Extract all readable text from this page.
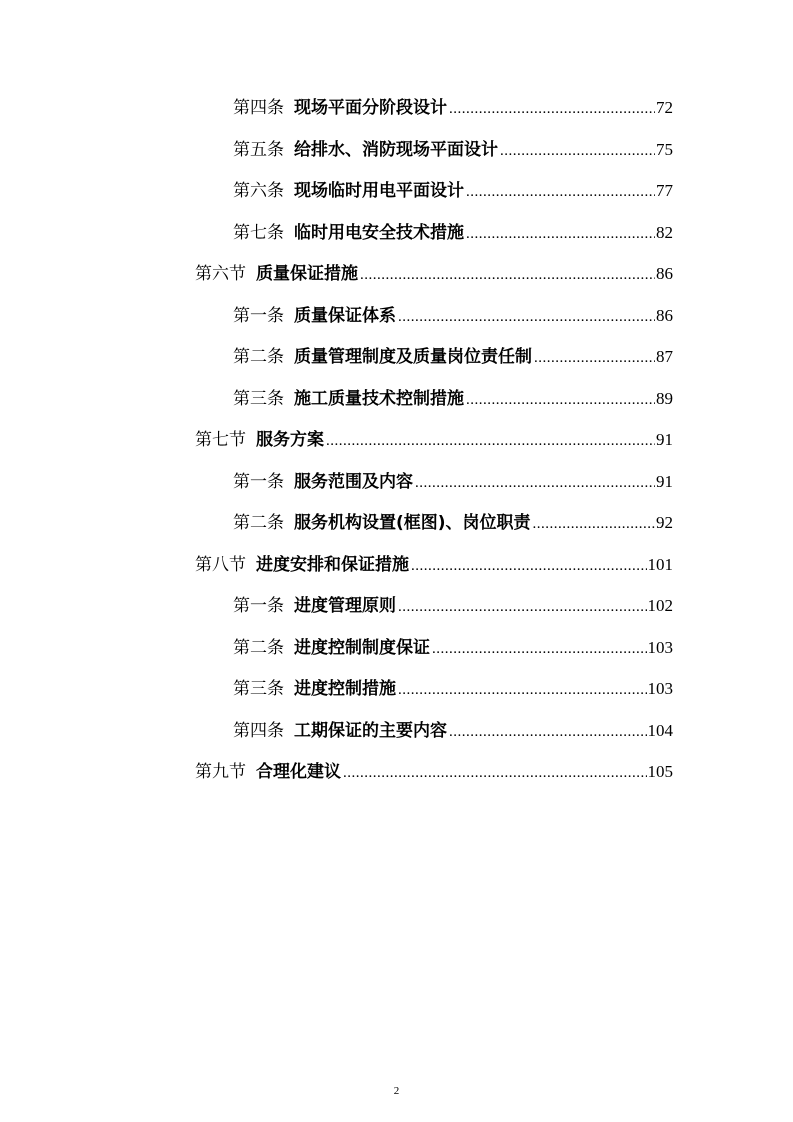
第四条 现场平面分阶段设计 .....	72
第五条 给排水、消防现场平面设计 .....	75
第六条 现场临时用电平面设计 .....	77
第七条 临时用电安全技术措施 .....	82
第六节 质量保证措施 .....	86
第一条 质量保证体系 .....	86
第二条 质量管理制度及质量岗位责任制 .....	87
第三条 施工质量技术控制措施 .....	89
第七节 服务方案 .....	91
第一条 服务范围及内容 .....	91
第二条 服务机构设置(框图)、岗位职责 .....	92
第八节 进度安排和保证措施 .....	101
第一条 进度管理原则 .....	102
第二条 进度控制制度保证 .....	103
第三条 进度控制措施 .....	103
第四条 工期保证的主要内容 .....	104
第九节 合理化建议 .....	105
2
